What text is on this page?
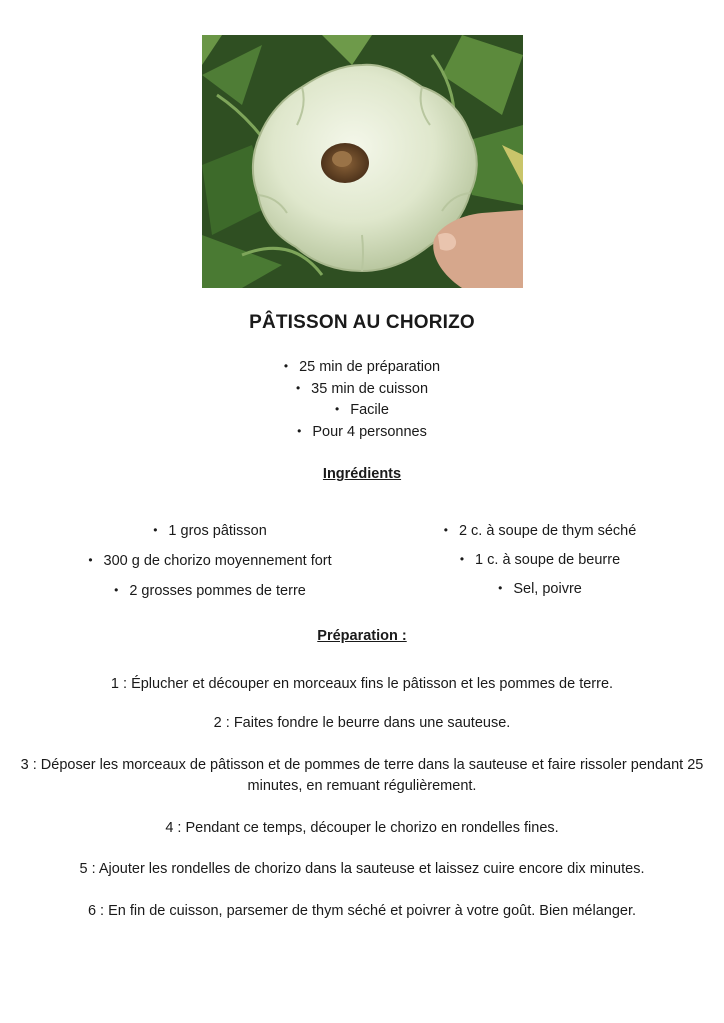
PÂTISSON AU CHORIZO
• 25 min de préparation
• 35 min de cuisson
• Facile
• Pour 4 personnes
Ingrédients
• 1 gros pâtisson
• 300 g de chorizo moyennement fort
• 2 grosses pommes de terre
• 2 c. à soupe de thym séché
• 1 c. à soupe de beurre
• Sel, poivre
Préparation :
1 : Éplucher et découper en morceaux fins le pâtisson et les pommes de terre.
2 : Faites fondre le beurre dans une sauteuse.
3 : Déposer les morceaux de pâtisson et de pommes de terre dans la sauteuse et faire rissoler pendant 25 minutes, en remuant régulièrement.
4 : Pendant ce temps, découper le chorizo en rondelles fines.
5 : Ajouter les rondelles de chorizo dans la sauteuse et laissez cuire encore dix minutes.
6 : En fin de cuisson, parsemer de thym séché et poivrer à votre goût. Bien mélanger.
